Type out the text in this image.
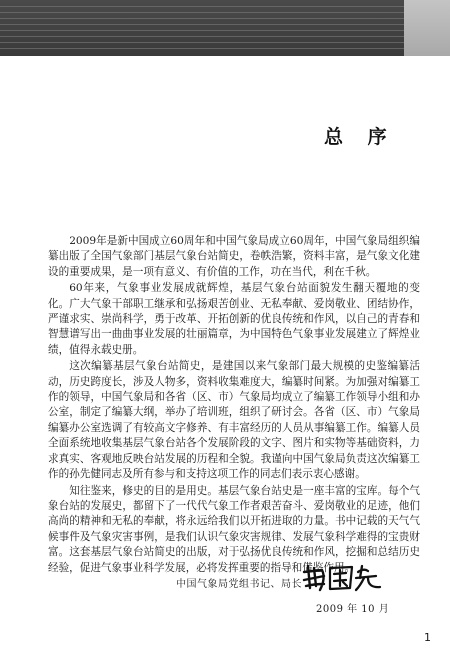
总 序

2009年是新中国成立60周年和中国气象局成立60周年，中国气象局组织编纂出版了全国气象部门基层气象台站简史，卷帙浩繁，资料丰富，是气象文化建设的重要成果，是一项有意义、有价值的工作，功在当代，利在千秋。

60年来，气象事业发展成就辉煌，基层气象台站面貌发生翻天覆地的变化。广大气象干部职工继承和弘扬艰苦创业、无私奉献、爱岗敬业、团结协作，严谨求实、崇尚科学，勇于改革、开拓创新的优良传统和作风，以自己的青春和智慧谱写出一曲曲事业发展的壮丽篇章，为中国特色气象事业发展建立了辉煌业绩，值得永载史册。

这次编纂基层气象台站简史，是建国以来气象部门最大规模的史鉴编纂活动，历史跨度长，涉及人物多，资料收集难度大，编纂时间紧。为加强对编纂工作的领导，中国气象局和各省（区、市）气象局均成立了编纂工作领导小组和办公室，制定了编纂大纲，举办了培训班，组织了研讨会。各省（区、市）气象局编纂办公室选调了有较高文字修养、有丰富经历的人员从事编纂工作。编纂人员全面系统地收集基层气象台站各个发展阶段的文字、图片和实物等基础资料，力求真实、客观地反映台站发展的历程和全貌。我谨向中国气象局负责这次编纂工作的孙先健同志及所有参与和支持这项工作的同志们表示衷心感谢。

知往鉴来，修史的目的是用史。基层气象台站史是一座丰富的宝库。每个气象台站的发展史，都留下了一代代气象工作者艰苦奋斗、爱岗敬业的足迹，他们高尚的精神和无私的奉献，将永远给我们以开拓进取的力量。书中记载的天气气候事件及气象灾害事例，是我们认识气象灾害规律、发展气象科学难得的宝贵财富。这套基层气象台站简史的出版，对于弘扬优良传统和作风，挖掘和总结历史经验，促进气象事业科学发展，必将发挥重要的指导和借鉴作用。

中国气象局党组书记、局长
2009 年 10 月
1
